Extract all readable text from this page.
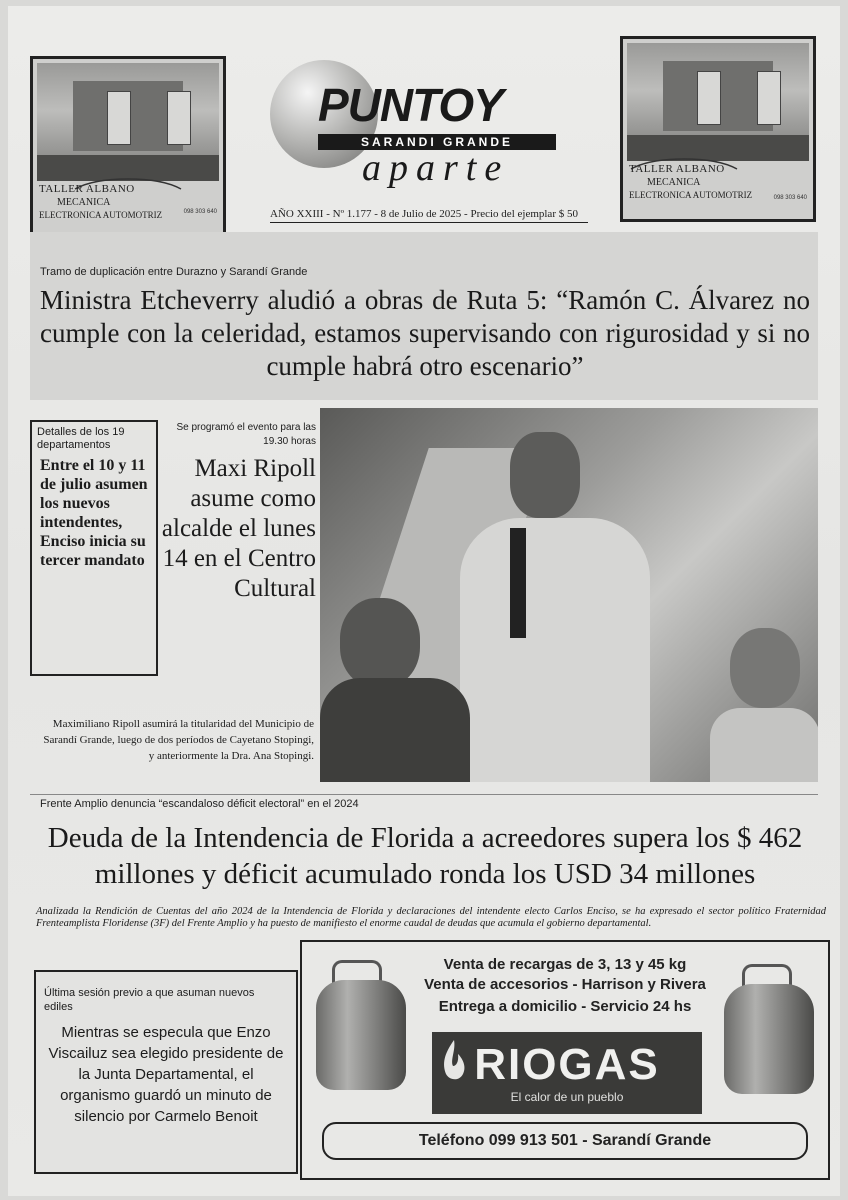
TALLER ALBANO
MECANICA
ELECTRONICA AUTOMOTRIZ	098 303 640
TALLER ALBANO
MECANICA
ELECTRONICA AUTOMOTRIZ	098 303 640
PUNTOY
SARANDI GRANDE
aparte
AÑO XXIII - Nº 1.177 - 8 de Julio de 2025 - Precio del ejemplar $ 50
Tramo de duplicación entre Durazno y Sarandí Grande
Ministra Etcheverry aludió a obras de Ruta 5: “Ramón C. Álvarez no cumple con la celeridad, estamos supervisando con rigurosidad y si no cumple habrá otro escenario”
Detalles de los 19 departamentos
Entre el 10 y 11 de julio asumen los nuevos intendentes, Enciso inicia su tercer mandato
Se programó el evento para las 19.30 horas
Maxi Ripoll asume como alcalde el lunes 14 en el Centro Cultural
Maximiliano Ripoll asumirá la titularidad del Municipio de Sarandí Grande, luego de dos períodos de Cayetano Stopingi, y anteriormente la Dra. Ana Stopingi.
Frente Amplio denuncia “escandaloso déficit electoral” en el 2024
Deuda de la Intendencia de Florida a acreedores supera los $ 462 millones y déficit acumulado ronda los USD 34 millones
Analizada la Rendición de Cuentas del año 2024 de la Intendencia de Florida y declaraciones del intendente electo Carlos Enciso, se ha expresado el sector político Fraternidad Frenteamplista Floridense (3F) del Frente Amplio y ha puesto de manifiesto el enorme caudal de deudas que acumula el gobierno departamental.
Última sesión previo a que asuman nuevos ediles
Mientras se especula que Enzo Viscailuz sea elegido presidente de la Junta Departamental, el organismo guardó un minuto de silencio por Carmelo Benoit
Venta de recargas de 3, 13 y 45 kg
Venta de accesorios - Harrison y Rivera
Entrega a domicilio - Servicio 24 hs
RIOGAS
El calor de un pueblo
Teléfono 099 913 501 - Sarandí Grande
